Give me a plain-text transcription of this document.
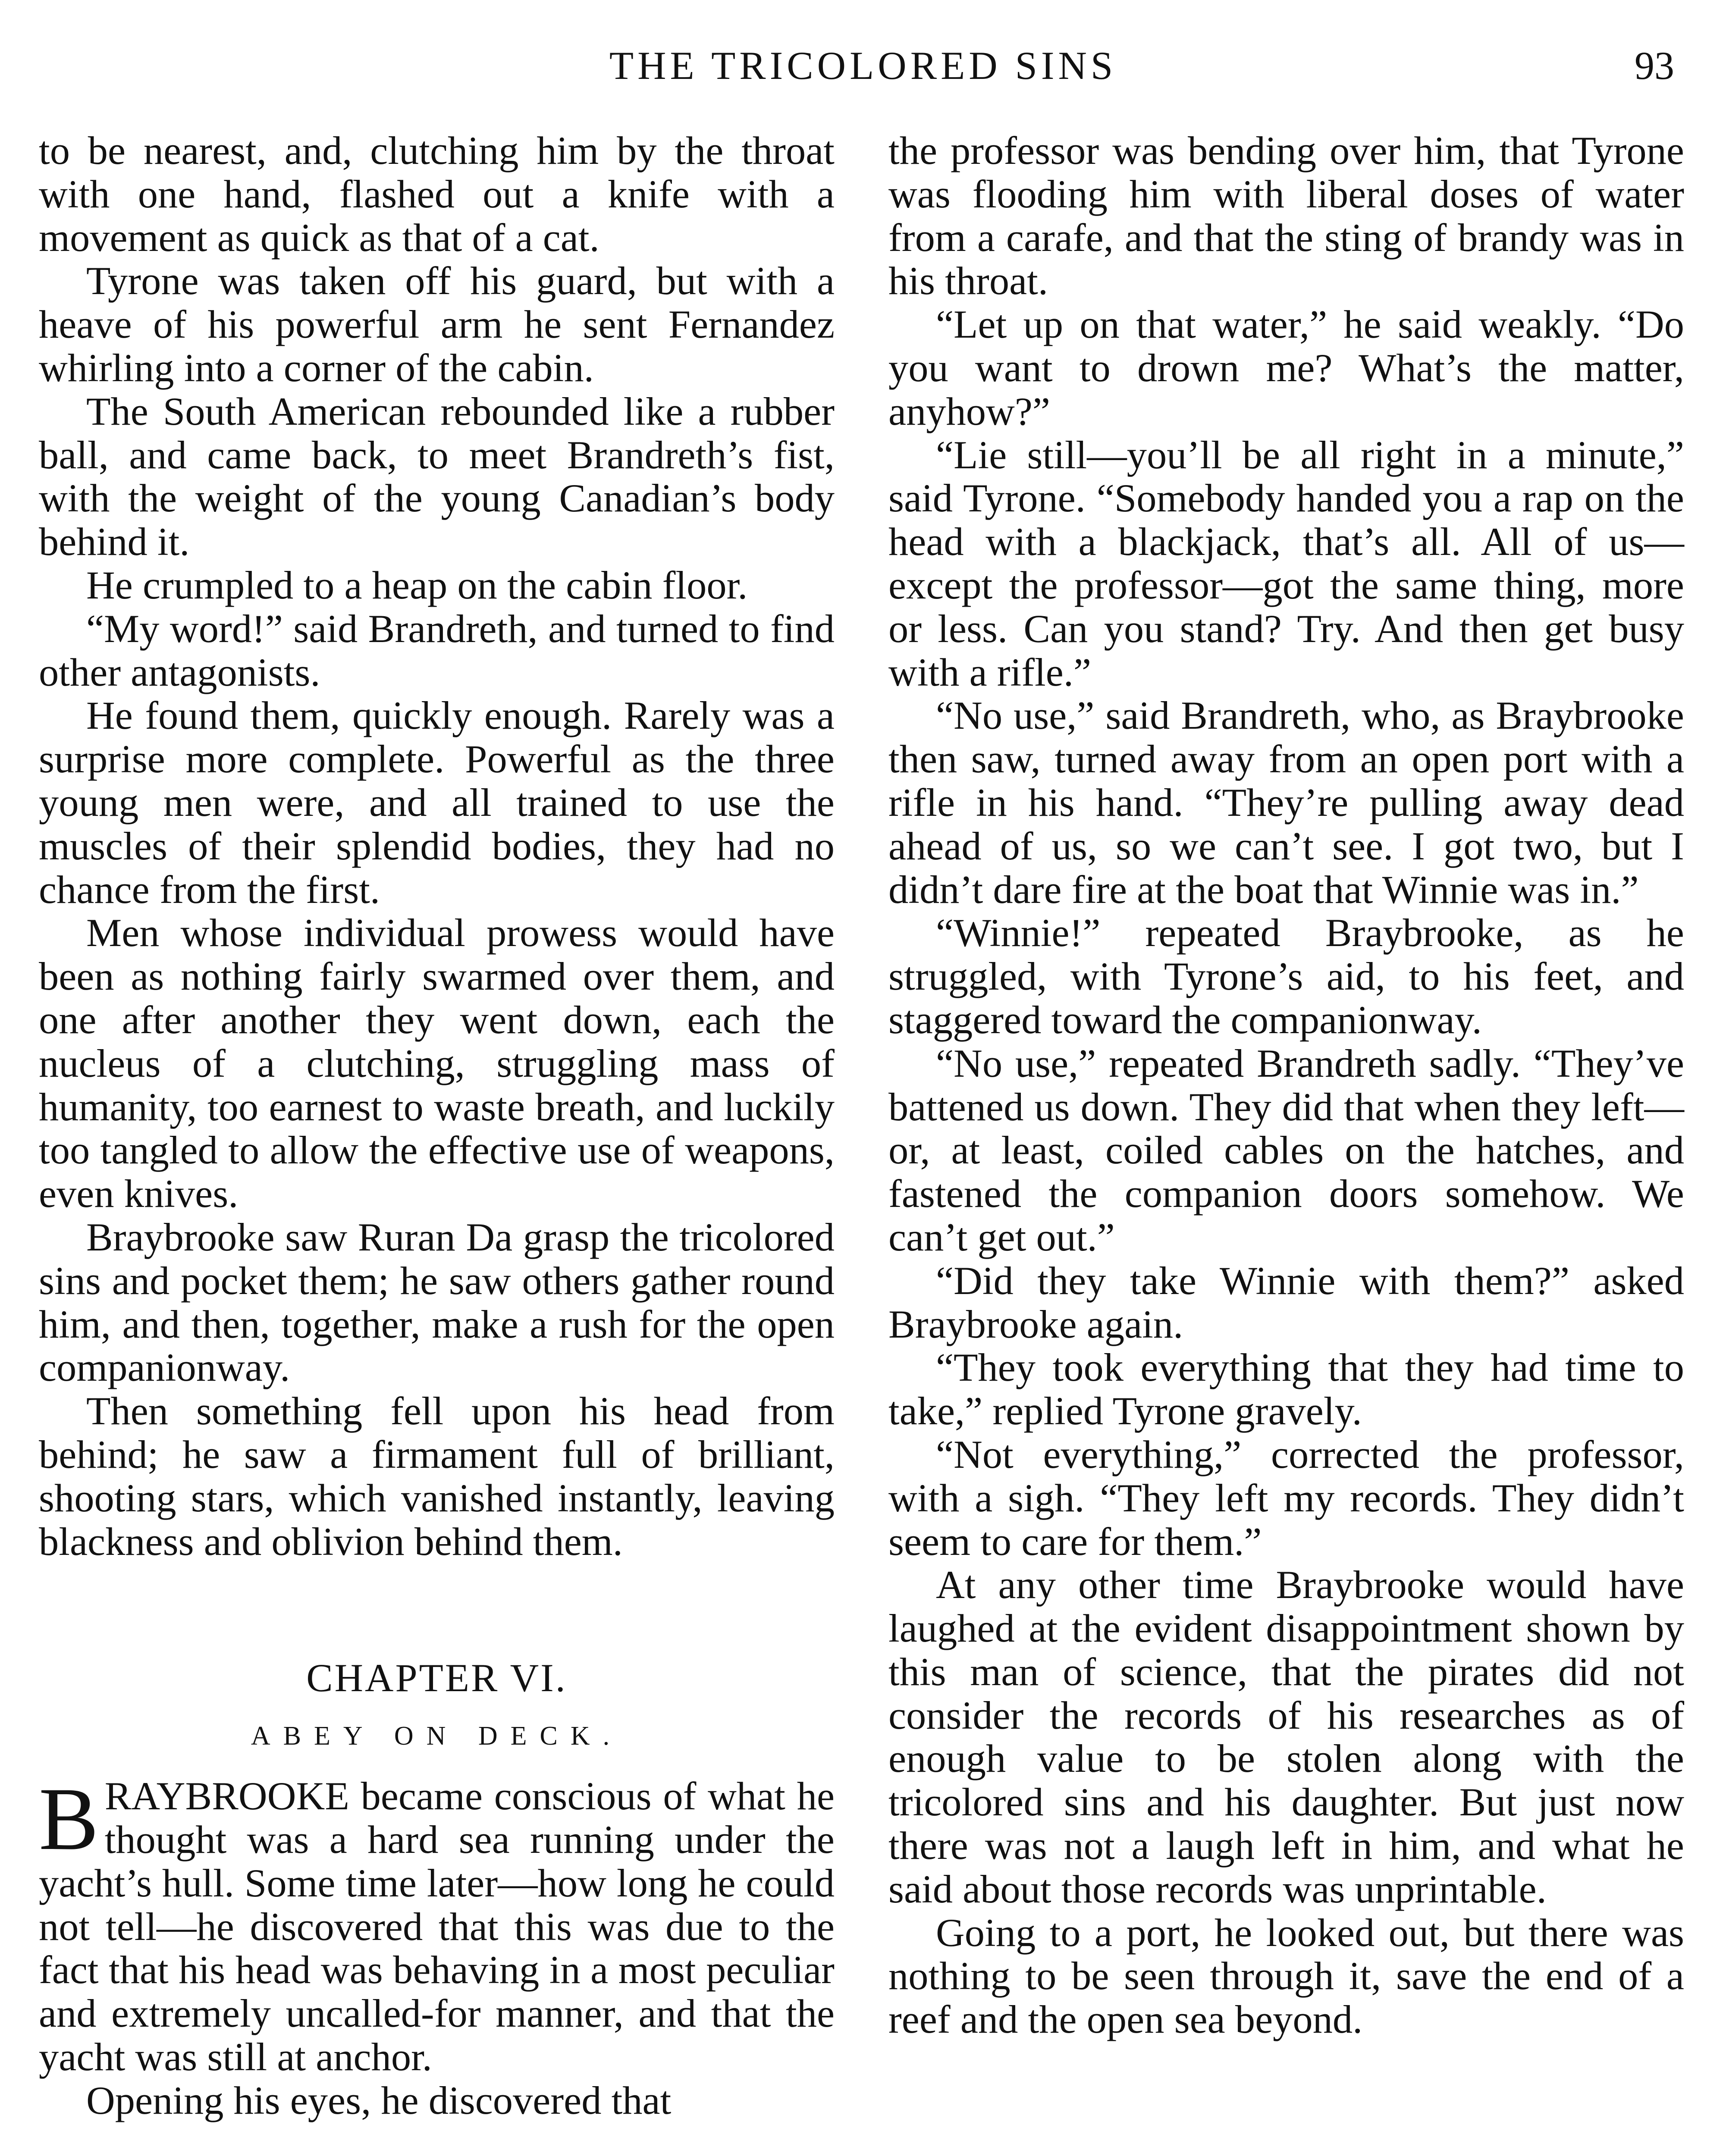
THE TRICOLORED SINS	93

to be nearest, and, clutching him by the throat with one hand, flashed out a knife with a movement as quick as that of a cat.

Tyrone was taken off his guard, but with a heave of his powerful arm he sent Fernandez whirling into a corner of the cabin.

The South American rebounded like a rubber ball, and came back, to meet Brandreth’s fist, with the weight of the young Canadian’s body behind it.

He crumpled to a heap on the cabin floor.

“My word!” said Brandreth, and turned to find other antagonists.

He found them, quickly enough. Rarely was a surprise more complete. Powerful as the three young men were, and all trained to use the muscles of their splendid bodies, they had no chance from the first.

Men whose individual prowess would have been as nothing fairly swarmed over them, and one after another they went down, each the nucleus of a clutching, struggling mass of humanity, too earnest to waste breath, and luckily too tangled to allow the effective use of weapons, even knives.

Braybrooke saw Ruran Da grasp the tricolored sins and pocket them; he saw others gather round him, and then, together, make a rush for the open companionway.

Then something fell upon his head from behind; he saw a firmament full of brilliant, shooting stars, which vanished instantly, leaving blackness and oblivion behind them.

CHAPTER VI.
ABEY ON DECK.

BRAYBROOKE became conscious of what he thought was a hard sea running under the yacht’s hull. Some time later—how long he could not tell—he discovered that this was due to the fact that his head was behaving in a most peculiar and extremely uncalled-for manner, and that the yacht was still at anchor.

Opening his eyes, he discovered that

the professor was bending over him, that Tyrone was flooding him with liberal doses of water from a carafe, and that the sting of brandy was in his throat.

“Let up on that water,” he said weakly. “Do you want to drown me? What’s the matter, anyhow?”

“Lie still—you’ll be all right in a minute,” said Tyrone. “Somebody handed you a rap on the head with a blackjack, that’s all. All of us—except the professor—got the same thing, more or less. Can you stand? Try. And then get busy with a rifle.”

“No use,” said Brandreth, who, as Braybrooke then saw, turned away from an open port with a rifle in his hand. “They’re pulling away dead ahead of us, so we can’t see. I got two, but I didn’t dare fire at the boat that Winnie was in.”

“Winnie!” repeated Braybrooke, as he struggled, with Tyrone’s aid, to his feet, and staggered toward the companionway.

“No use,” repeated Brandreth sadly. “They’ve battened us down. They did that when they left—or, at least, coiled cables on the hatches, and fastened the companion doors somehow. We can’t get out.”

“Did they take Winnie with them?” asked Braybrooke again.

“They took everything that they had time to take,” replied Tyrone gravely.

“Not everything,” corrected the professor, with a sigh. “They left my records. They didn’t seem to care for them.”

At any other time Braybrooke would have laughed at the evident disappointment shown by this man of science, that the pirates did not consider the records of his researches as of enough value to be stolen along with the tricolored sins and his daughter. But just now there was not a laugh left in him, and what he said about those records was unprintable.

Going to a port, he looked out, but there was nothing to be seen through it, save the end of a reef and the open sea beyond.
